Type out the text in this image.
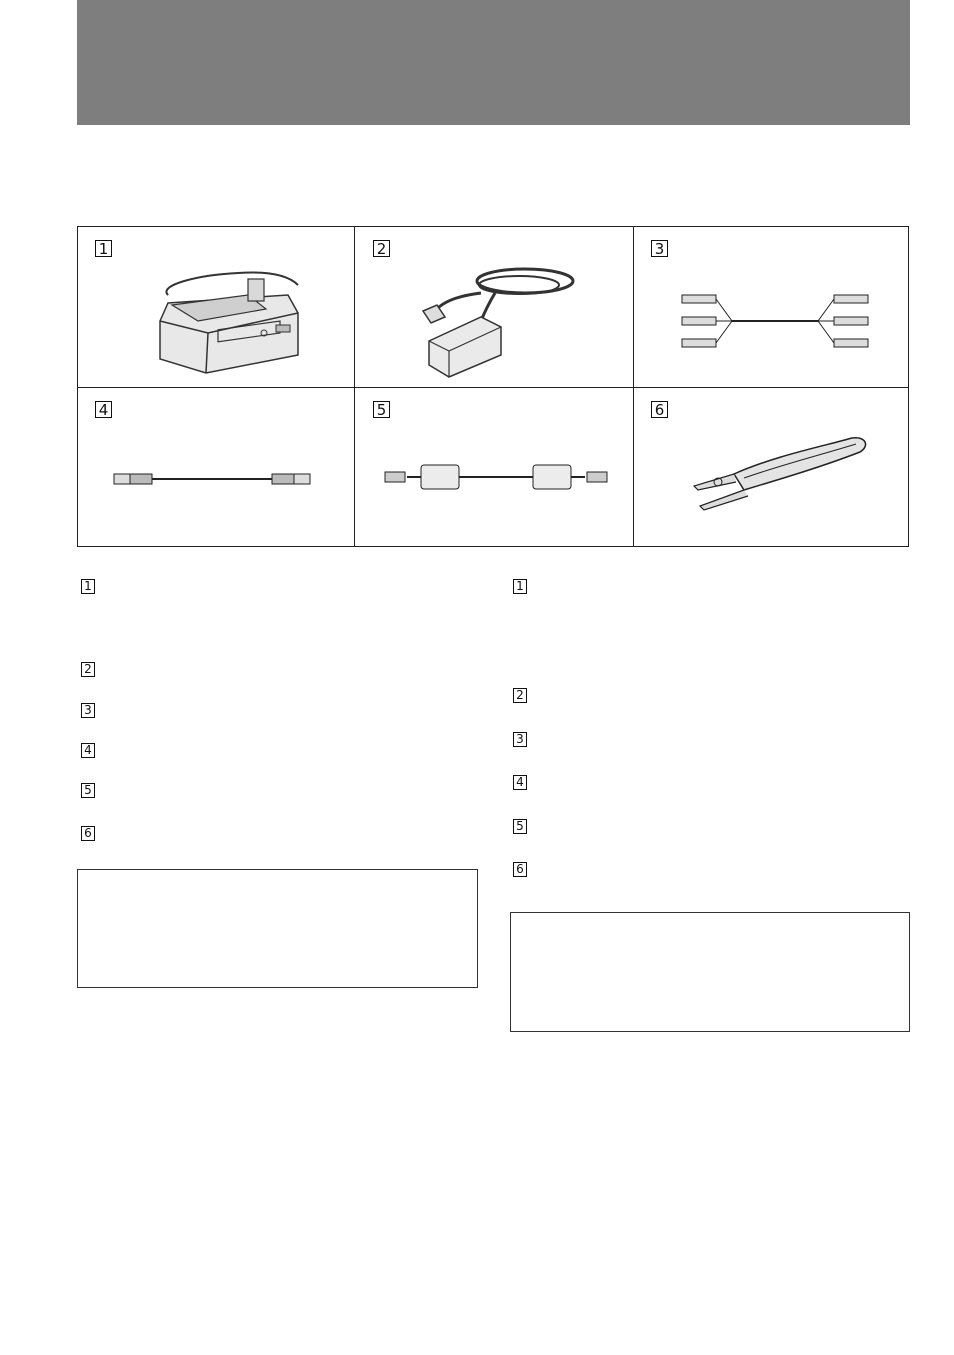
1	2	3
4	5	6
1
2
3
4
5
6
1
2
3
4
5
6
